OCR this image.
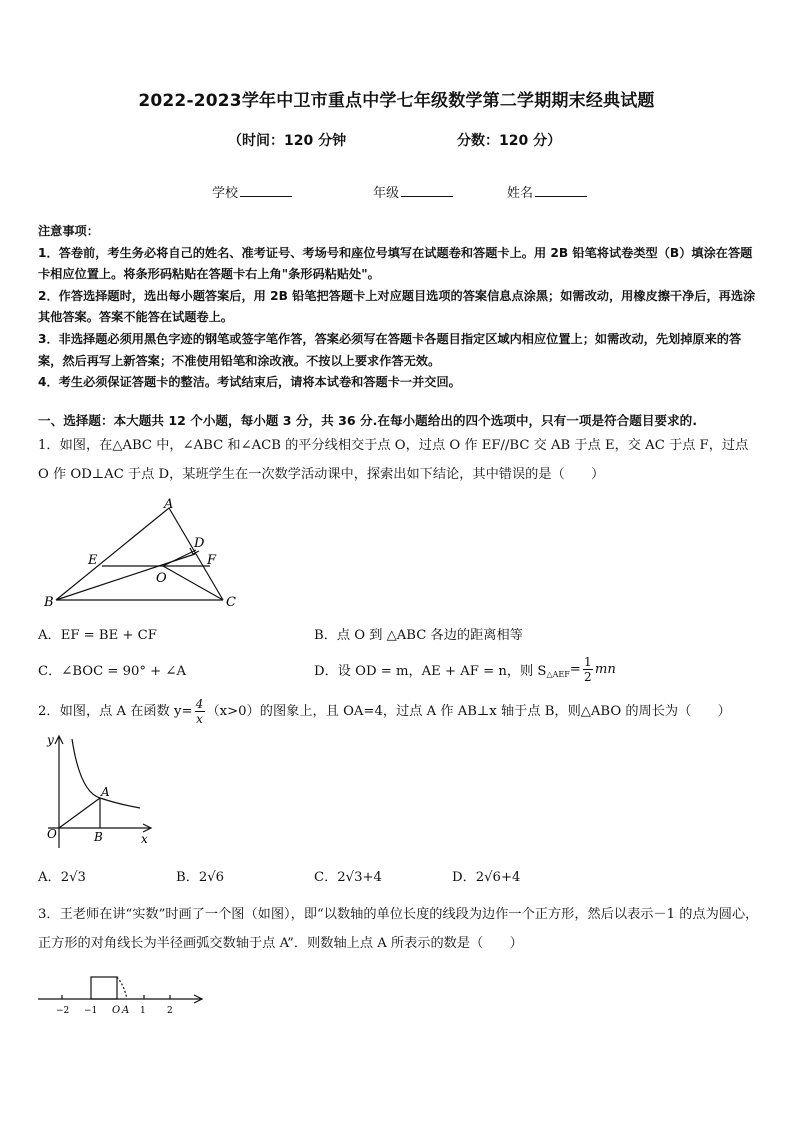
2022-2023学年中卫市重点中学七年级数学第二学期期末经典试题
（时间：120 分钟	分数：120 分）
学校	年级	姓名

注意事项：

1．答卷前，考生务必将自己的姓名、准考证号、考场号和座位号填写在试题卷和答题卡上。用 2B 铅笔将试卷类型（B）填涂在答题卡相应位置上。将条形码粘贴在答题卡右上角"条形码粘贴处"。

2．作答选择题时，选出每小题答案后，用 2B 铅笔把答题卡上对应题目选项的答案信息点涂黑；如需改动，用橡皮擦干净后，再选涂其他答案。答案不能答在试题卷上。

3．非选择题必须用黑色字迹的钢笔或签字笔作答，答案必须写在答题卡各题目指定区域内相应位置上；如需改动，先划掉原来的答案，然后再写上新答案；不准使用铅笔和涂改液。不按以上要求作答无效。

4．考生必须保证答题卡的整洁。考试结束后，请将本试卷和答题卡一并交回。

一、选择题：本大题共 12 个小题，每小题 3 分，共 36 分.在每小题给出的四个选项中，只有一项是符合题目要求的.
1．如图，在△ABC 中，∠ABC 和∠ACB 的平分线相交于点 O，过点 O 作 EF//BC 交 AB 于点 E，交 AC 于点 F，过点 O 作 OD⊥AC 于点 D，某班学生在一次数学活动课中，探索出如下结论，其中错误的是（　　）
A
B	C
D
E	F
O
A．EF = BE + CF	B．点 O 到 △ABC 各边的距离相等
C．∠BOC = 90° + ∠A	D．设 OD = m，AE + AF = n，则 S △AEF = $\frac{1}{2}$ mn
2．如图，点 A 在函数 $y= \frac{4}{x} (x>0)$的图象上，且 OA=4，过点 A 作 AB⊥x 轴于点 B，则△ABO 的周长为（　　）
y
x
O
A
B
A．2√3	B．2√6	C．2√3+4	D．2√6+4
3．王老师在讲“实数”时画了一个图（如图），即“以数轴的单位长度的线段为边作一个正方形，然后以表示－1 的点为圆心，正方形的对角线长为半径画弧交数轴于点 A”．则数轴上点 A 所表示的数是（　　）
−2 −1 O A 1 2
